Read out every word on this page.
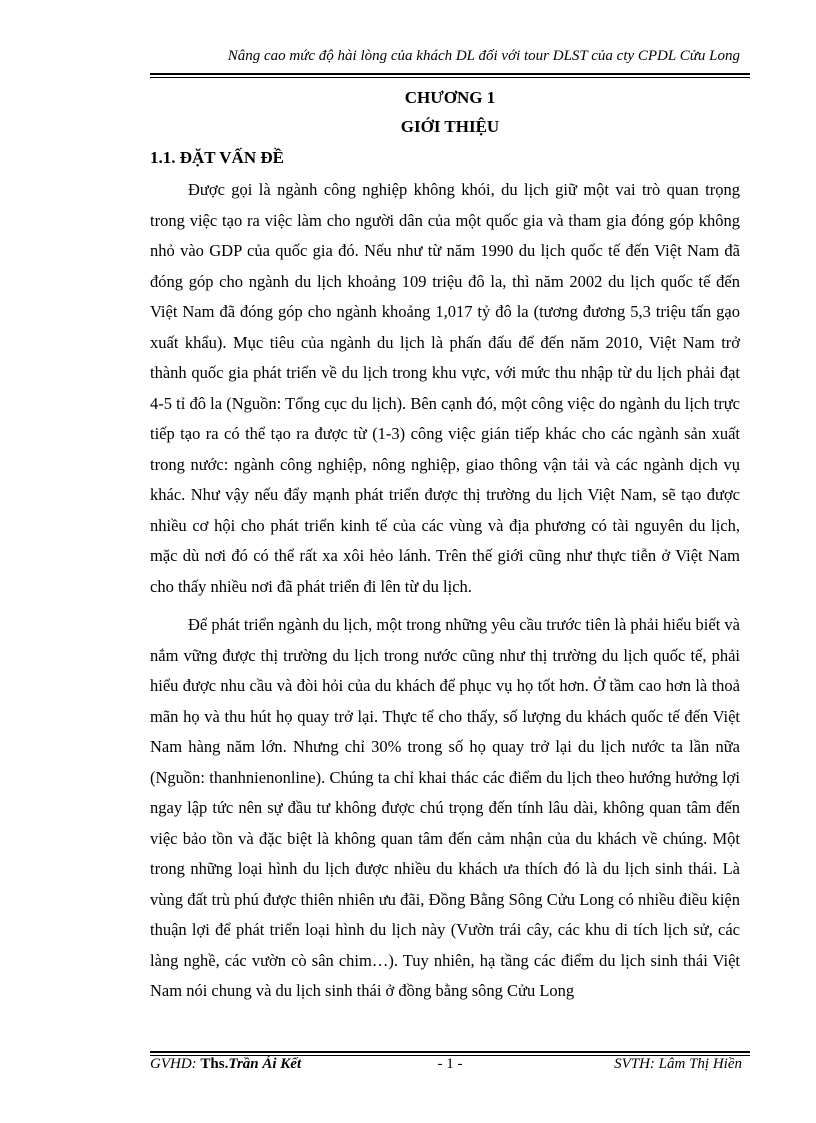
Nâng cao mức độ hài lòng của khách DL đối với tour DLST của cty CPDL Cửu Long
CHƯƠNG 1
GIỚI THIỆU
1.1. ĐẶT VẤN ĐỀ

Được gọi là ngành công nghiệp không khói, du lịch giữ một vai trò quan trọng trong việc tạo ra việc làm cho người dân của một quốc gia và tham gia đóng góp không nhỏ vào GDP của quốc gia đó. Nếu như từ năm 1990 du lịch quốc tế đến Việt Nam đã đóng góp cho ngành du lịch khoảng 109 triệu đô la, thì năm 2002 du lịch quốc tế đến Việt Nam đã đóng góp cho ngành khoảng 1,017 tỷ đô la (tương đương 5,3 triệu tấn gạo xuất khẩu). Mục tiêu của ngành du lịch là phấn đấu để đến năm 2010, Việt Nam trở thành quốc gia phát triển về du lịch trong khu vực, với mức thu nhập từ du lịch phải đạt 4-5 tỉ đô la (Nguồn: Tổng cục du lịch). Bên cạnh đó, một công việc do ngành du lịch trực tiếp tạo ra có thể tạo ra được từ (1-3) công việc gián tiếp khác cho các ngành sản xuất trong nước: ngành công nghiệp, nông nghiệp, giao thông vận tải và các ngành dịch vụ khác. Như vậy nếu đẩy mạnh phát triển được thị trường du lịch Việt Nam, sẽ tạo được nhiều cơ hội cho phát triển kinh tế của các vùng và địa phương có tài nguyên du lịch, mặc dù nơi đó có thể rất xa xôi hẻo lánh. Trên thế giới cũng như thực tiễn ở Việt Nam cho thấy nhiều nơi đã phát triển đi lên từ du lịch.

Để phát triển ngành du lịch, một trong những yêu cầu trước tiên là phải hiểu biết và nắm vững được thị trường du lịch trong nước cũng như thị trường du lịch quốc tế, phải hiểu được nhu cầu và đòi hỏi của du khách để phục vụ họ tốt hơn. Ở tầm cao hơn là thoả mãn họ và thu hút họ quay trở lại. Thực tế cho thấy, số lượng du khách quốc tế đến Việt Nam hàng năm lớn. Nhưng chỉ 30% trong số họ quay trở lại du lịch nước ta lần nữa (Nguồn: thanhnienonline). Chúng ta chỉ khai thác các điểm du lịch theo hướng hưởng lợi ngay lập tức nên sự đầu tư không được chú trọng đến tính lâu dài, không quan tâm đến việc bảo tồn và đặc biệt là không quan tâm đến cảm nhận của du khách về chúng. Một trong những loại hình du lịch được nhiều du khách ưa thích đó là du lịch sinh thái. Là vùng đất trù phú được thiên nhiên ưu đãi, Đồng Bằng Sông Cửu Long có nhiều điều kiện thuận lợi để phát triển loại hình du lịch này (Vườn trái cây, các khu di tích lịch sử, các làng nghề, các vườn cò sân chim…). Tuy nhiên, hạ tầng các điểm du lịch sinh thái Việt Nam nói chung và du lịch sinh thái ở đồng bằng sông Cửu Long

GVHD: Ths.Trần Ái Kết	- 1 -	SVTH: Lâm Thị Hiền
